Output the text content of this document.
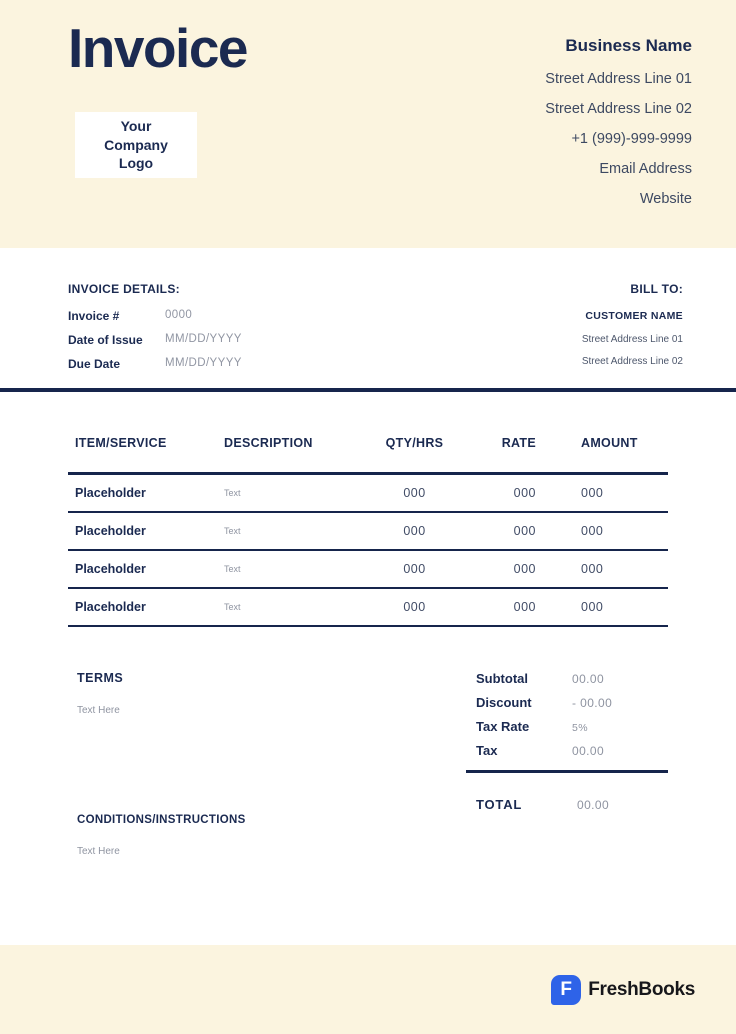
Invoice
Your Company Logo
Business Name
Street Address Line 01
Street Address Line 02
+1 (999)-999-9999
Email Address
Website
INVOICE DETAILS:
Invoice #	0000
Date of Issue	MM/DD/YYYY
Due Date	MM/DD/YYYY
BILL TO:
CUSTOMER NAME
Street Address Line 01
Street Address Line 02
ITEM/SERVICE	DESCRIPTION	QTY/HRS	RATE	AMOUNT
Placeholder	Text	000	000	000
Placeholder	Text	000	000	000
Placeholder	Text	000	000	000
Placeholder	Text	000	000	000
TERMS
Text Here
CONDITIONS/INSTRUCTIONS
Text Here
Subtotal	00.00
Discount	- 00.00
Tax Rate	5%
Tax	00.00
TOTAL	00.00
F FreshBooks
